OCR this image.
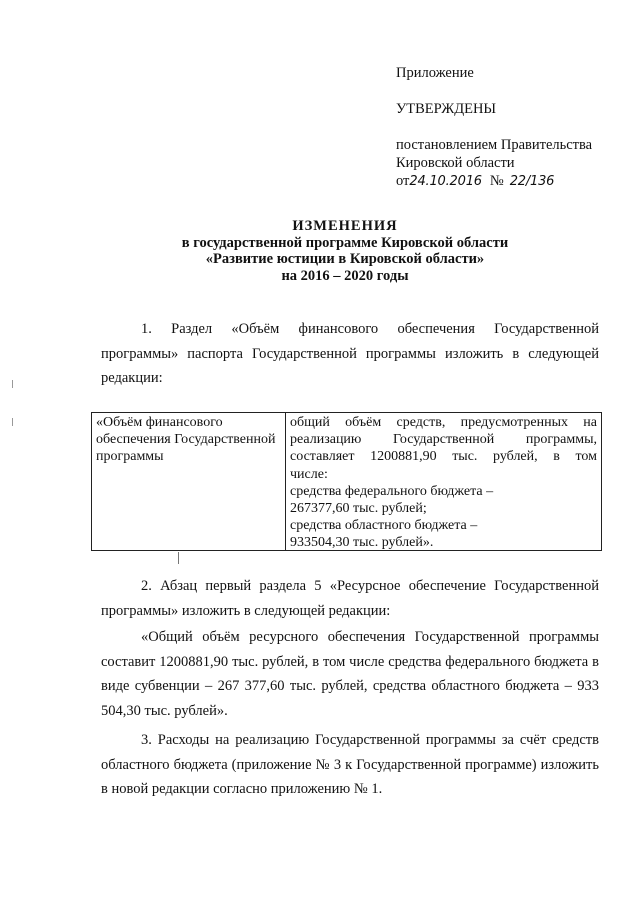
Приложение
УТВЕРЖДЕНЫ
постановлением Правительства
Кировской области
от24.10.2016 № 22/136
ИЗМЕНЕНИЯ
в государственной программе Кировской области
«Развитие юстиции в Кировской области»
на 2016 – 2020 годы
1. Раздел «Объём финансового обеспечения Государственной программы» паспорта Государственной программы изложить в следующей редакции:
«Объём финансового обеспечения Государственной программы
общий объём средств, предусмотренных на
реализацию Государственной программы,
составляет 1200881,90 тыс. рублей, в том
числе:
средства федерального бюджета –
267377,60 тыс. рублей;
средства областного бюджета –
933504,30 тыс. рублей».
2. Абзац первый раздела 5 «Ресурсное обеспечение Государственной программы» изложить в следующей редакции:
«Общий объём ресурсного обеспечения Государственной программы составит 1200881,90 тыс. рублей, в том числе средства федерального бюджета в виде субвенции – 267 377,60 тыс. рублей, средства областного бюджета – 933 504,30 тыс. рублей».
3. Расходы на реализацию Государственной программы за счёт средств областного бюджета (приложение № 3 к Государственной программе) изложить в новой редакции согласно приложению № 1.
